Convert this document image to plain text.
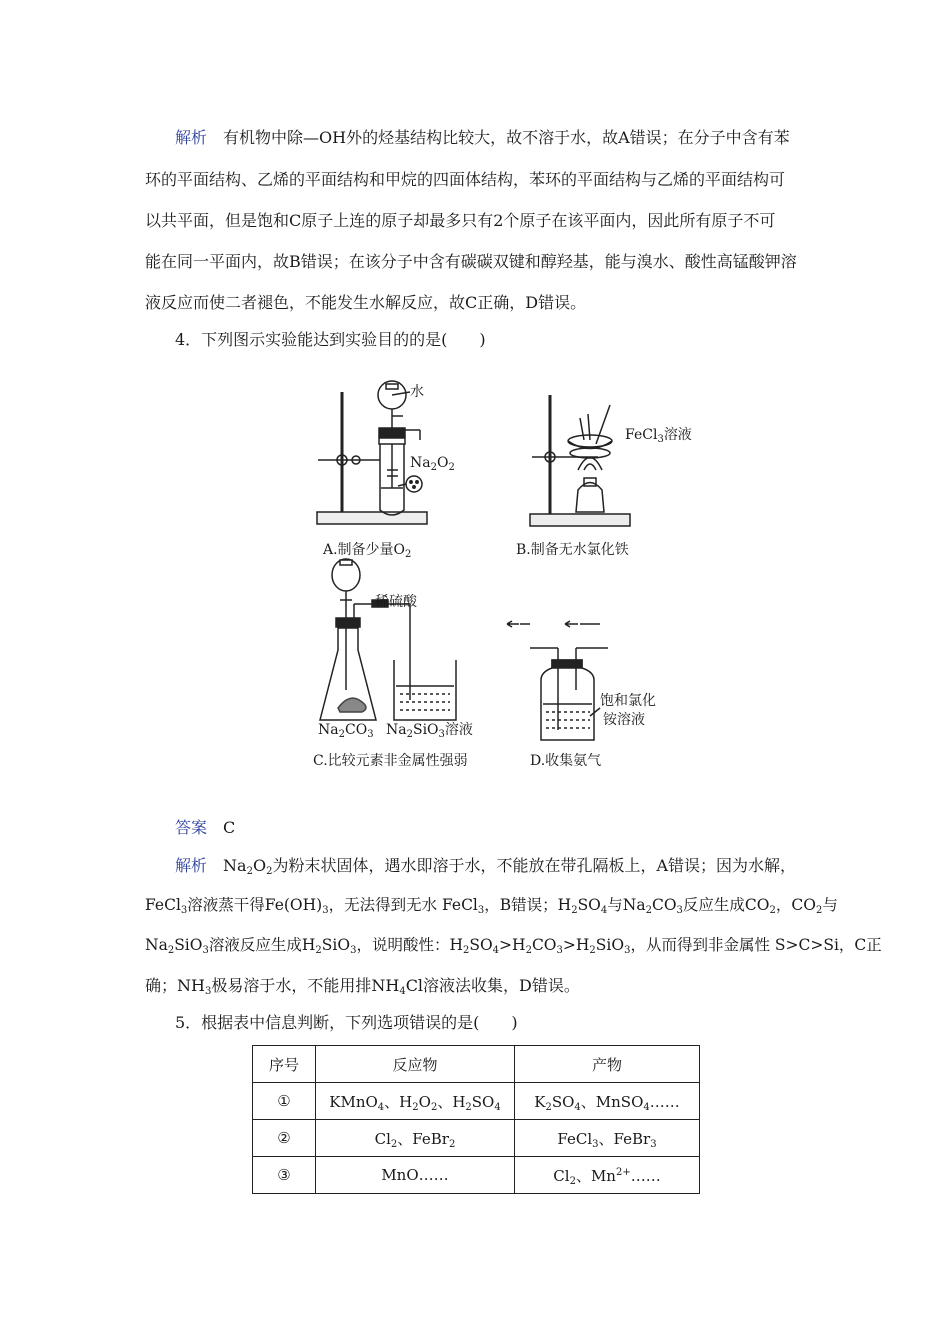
解析　 有机物中除—OH外的烃基结构比较大，故不溶于水，故A错误；在分子中含有苯
环的平面结构、乙烯的平面结构和甲烷的四面体结构，苯环的平面结构与乙烯的平面结构可
以共平面，但是饱和C原子上连的原子却最多只有2个原子在该平面内，因此所有原子不可
能在同一平面内，故B错误；在该分子中含有碳碳双键和醇羟基，能与溴水、酸性高锰酸钾溶
液反应而使二者褪色，不能发生水解反应，故C正确，D错误。
4．下列图示实验能达到实验目的的是(　　)
水
$Na_2O_2$
A.制备少量$O_2$
FeCl$_3$溶液
B.制备无水氯化铁
稀硫酸
$Na_2CO_3$ $Na_2SiO_3$溶液
C.比较元素非金属性强弱
饱和氯化
铵溶液
D.收集氨气
答案　 C
解析　 $Na_2O_2$为粉末状固体，遇水即溶于水，不能放在带孔隔板上，A错误；因为水解，
FeCl$_3$溶液蒸干得$Fe(OH)_3$，无法得到无水 FeCl$_3$，B错误；$H_2SO_4$与$Na_2CO_3$反应生成$CO_2$，$CO_2$与
$Na_2SiO_3$溶液反应生成$H_2SiO_3$，说明酸性：$H_2SO_4>H_2CO_3>H_2SiO_3$，从而得到非金属性 S>C>Si，C正
确；$NH_3$极易溶于水，不能用排$NH_4Cl$溶液法收集，D错误。
5．根据表中信息判断，下列选项错误的是(　　)
序号	反应物	产物
①	KMnO$_4$、$H_2O_2$、$H_2SO_4$	$K_2SO_4$、MnSO$_4$……
②	$Cl_2$、FeBr$_2$	FeCl$_3$、FeBr$_3$
③	MnO……	$Cl_2$、$Mn^{2+}\dots\dots$
